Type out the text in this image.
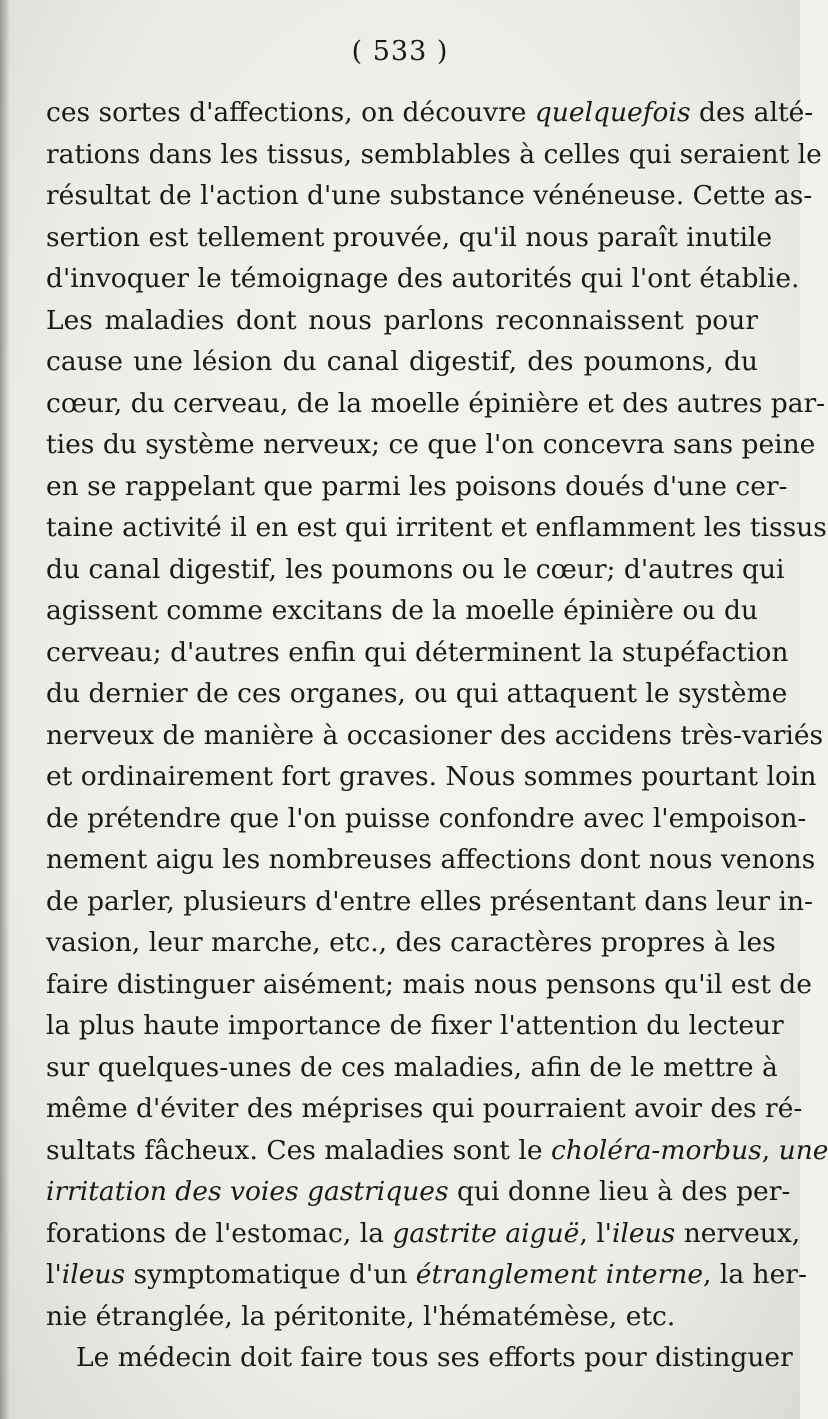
( 533 )
ces sortes d'affections, on découvre quelquefois des alté-
rations dans les tissus, semblables à celles qui seraient le
résultat de l'action d'une substance vénéneuse. Cette as-
sertion est tellement prouvée, qu'il nous paraît inutile
d'invoquer le témoignage des autorités qui l'ont établie.
Les maladies dont nous parlons reconnaissent pour
cause une lésion du canal digestif, des poumons, du
cœur, du cerveau, de la moelle épinière et des autres par-
ties du système nerveux; ce que l'on concevra sans peine
en se rappelant que parmi les poisons doués d'une cer-
taine activité il en est qui irritent et enflamment les tissus
du canal digestif, les poumons ou le cœur; d'autres qui
agissent comme excitans de la moelle épinière ou du
cerveau; d'autres enfin qui déterminent la stupéfaction
du dernier de ces organes, ou qui attaquent le système
nerveux de manière à occasioner des accidens très-variés
et ordinairement fort graves. Nous sommes pourtant loin
de prétendre que l'on puisse confondre avec l'empoison-
nement aigu les nombreuses affections dont nous venons
de parler, plusieurs d'entre elles présentant dans leur in-
vasion, leur marche, etc., des caractères propres à les
faire distinguer aisément; mais nous pensons qu'il est de
la plus haute importance de fixer l'attention du lecteur
sur quelques-unes de ces maladies, afin de le mettre à
même d'éviter des méprises qui pourraient avoir des ré-
sultats fâcheux. Ces maladies sont le choléra-morbus, une
irritation des voies gastriques qui donne lieu à des per-
forations de l'estomac, la gastrite aiguë, l'ileus nerveux,
l'ileus symptomatique d'un étranglement interne, la her-
nie étranglée, la péritonite, l'hématémèse, etc.
Le médecin doit faire tous ses efforts pour distinguer
